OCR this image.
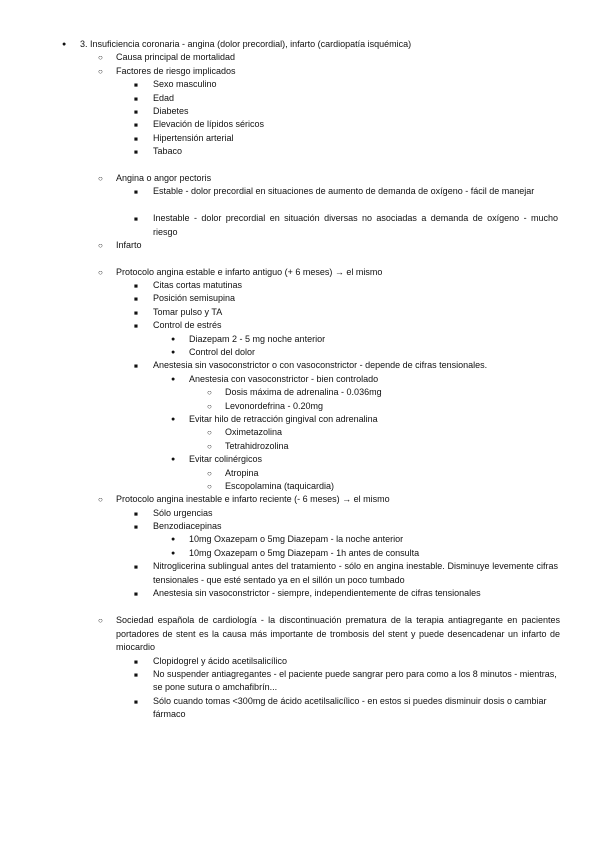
● 3. Insuficiencia coronaria - angina (dolor precordial), infarto (cardiopatía isquémica)
○ Causa principal de mortalidad
○ Factores de riesgo implicados
■ Sexo masculino
■ Edad
■ Diabetes
■ Elevación de lípidos séricos
■ Hipertensión arterial
■ Tabaco
○ Angina o angor pectoris
■ Estable - dolor precordial en situaciones de aumento de demanda de oxígeno - fácil de manejar
■ Inestable - dolor precordial en situación diversas no asociadas a demanda de oxígeno - mucho riesgo
○ Infarto
○ Protocolo angina estable e infarto antiguo (+ 6 meses) → el mismo
■ Citas cortas matutinas
■ Posición semisupina
■ Tomar pulso y TA
■ Control de estrés
● Diazepam 2 - 5 mg noche anterior
● Control del dolor
■ Anestesia sin vasoconstrictor o con vasoconstrictor - depende de cifras tensionales.
● Anestesia con vasoconstrictor - bien controlado
○ Dosis máxima de adrenalina - 0.036mg
○ Levonordefrina - 0.20mg
● Evitar hilo de retracción gingival con adrenalina
○ Oximetazolina
○ Tetrahidrozolina
● Evitar colinérgicos
○ Atropina
○ Escopolamina (taquicardia)
○ Protocolo angina inestable e infarto reciente (- 6 meses) → el mismo
■ Sólo urgencias
■ Benzodiacepinas
● 10mg Oxazepam o 5mg Diazepam - la noche anterior
● 10mg Oxazepam o 5mg Diazepam - 1h antes de consulta
■ Nitroglicerina sublingual antes del tratamiento - sólo en angina inestable. Disminuye levemente cifras tensionales - que esté sentado ya en el sillón un poco tumbado
■ Anestesia sin vasoconstrictor - siempre, independientemente de cifras tensionales
○ Sociedad española de cardiología - la discontinuación prematura de la terapia antiagregante en pacientes portadores de stent es la causa más importante de trombosis del stent y puede desencadenar un infarto de miocardio
■ Clopidogrel y ácido acetilsalicílico
■ No suspender antiagregantes - el paciente puede sangrar pero para como a los 8 minutos - mientras, se pone sutura o amchafibrín...
■ Sólo cuando tomas <300mg de ácido acetilsalicílico - en estos si puedes disminuir dosis o cambiar fármaco
